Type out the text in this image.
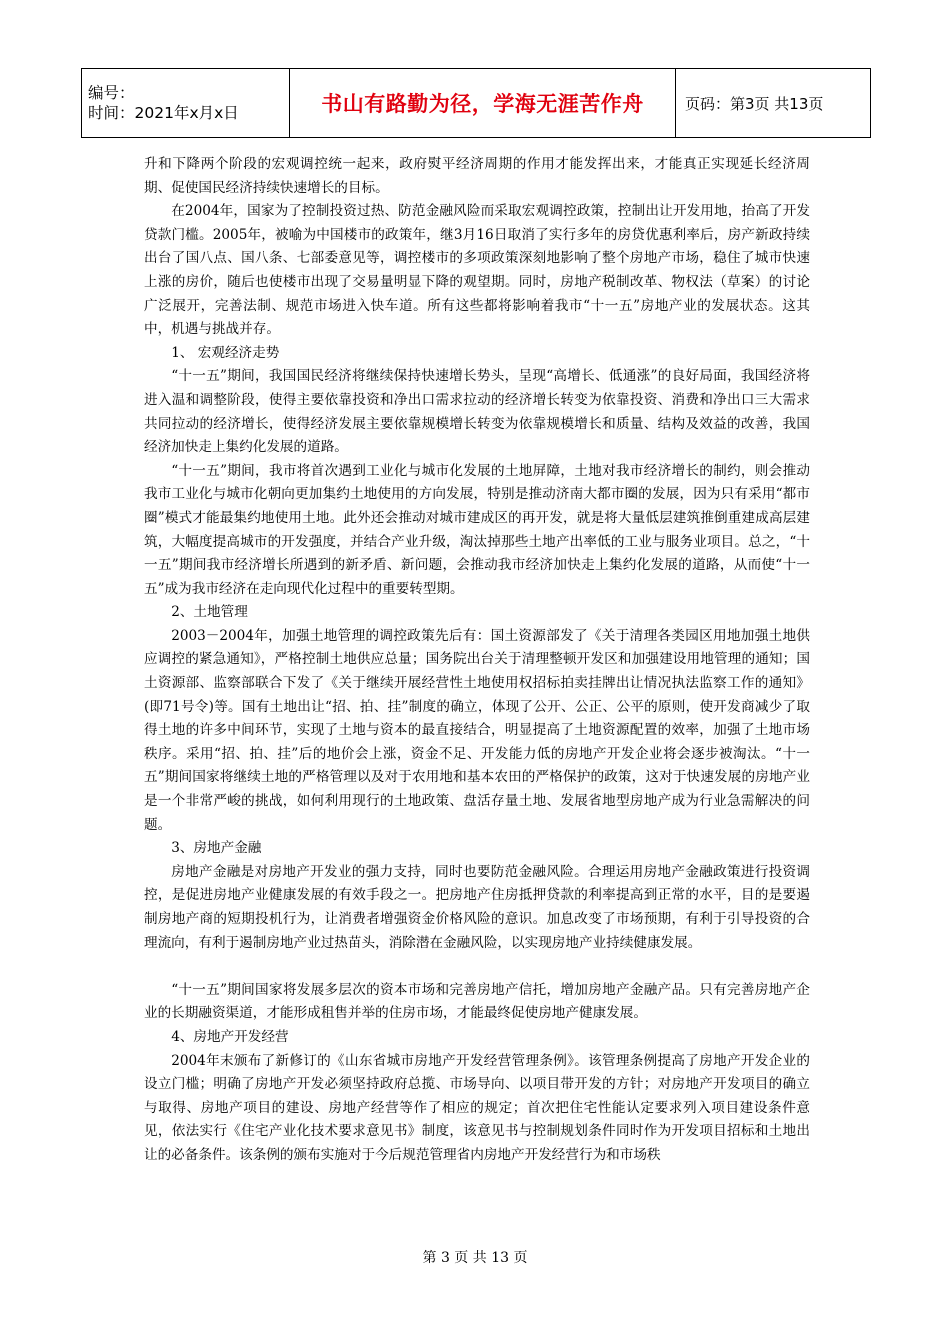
编号：
时间：2021年x月x日	书山有路勤为径，学海无涯苦作舟	页码：第3页 共13页

升和下降两个阶段的宏观调控统一起来，政府熨平经济周期的作用才能发挥出来，才能真正实现延长经济周期、促使国民经济持续快速增长的目标。

在2004年，国家为了控制投资过热、防范金融风险而采取宏观调控政策，控制出让开发用地，抬高了开发贷款门槛。2005年，被喻为中国楼市的政策年，继3月16日取消了实行多年的房贷优惠利率后，房产新政持续出台了国八点、国八条、七部委意见等，调控楼市的多项政策深刻地影响了整个房地产市场，稳住了城市快速上涨的房价，随后也使楼市出现了交易量明显下降的观望期。同时，房地产税制改革、物权法（草案）的讨论广泛展开，完善法制、规范市场进入快车道。所有这些都将影响着我市“十一五”房地产业的发展状态。这其中，机遇与挑战并存。

1、 宏观经济走势

“十一五”期间，我国国民经济将继续保持快速增长势头，呈现“高增长、低通涨”的良好局面，我国经济将进入温和调整阶段，使得主要依靠投资和净出口需求拉动的经济增长转变为依靠投资、消费和净出口三大需求共同拉动的经济增长，使得经济发展主要依靠规模增长转变为依靠规模增长和质量、结构及效益的改善，我国经济加快走上集约化发展的道路。

“十一五”期间，我市将首次遇到工业化与城市化发展的土地屏障，土地对我市经济增长的制约，则会推动我市工业化与城市化朝向更加集约土地使用的方向发展，特别是推动济南大都市圈的发展，因为只有采用“都市圈”模式才能最集约地使用土地。此外还会推动对城市建成区的再开发，就是将大量低层建筑推倒重建成高层建筑，大幅度提高城市的开发强度，并结合产业升级，淘汰掉那些土地产出率低的工业与服务业项目。总之，“十一五”期间我市经济增长所遇到的新矛盾、新问题，会推动我市经济加快走上集约化发展的道路，从而使“十一五”成为我市经济在走向现代化过程中的重要转型期。

2、土地管理

2003－2004年，加强土地管理的调控政策先后有：国土资源部发了《关于清理各类园区用地加强土地供应调控的紧急通知》，严格控制土地供应总量；国务院出台关于清理整顿开发区和加强建设用地管理的通知；国土资源部、监察部联合下发了《关于继续开展经营性土地使用权招标拍卖挂牌出让情况执法监察工作的通知》(即71号令)等。国有土地出让“招、拍、挂”制度的确立，体现了公开、公正、公平的原则，使开发商减少了取得土地的许多中间环节，实现了土地与资本的最直接结合，明显提高了土地资源配置的效率，加强了土地市场秩序。采用“招、拍、挂”后的地价会上涨，资金不足、开发能力低的房地产开发企业将会逐步被淘汰。“十一五”期间国家将继续土地的严格管理以及对于农用地和基本农田的严格保护的政策，这对于快速发展的房地产业是一个非常严峻的挑战，如何利用现行的土地政策、盘活存量土地、发展省地型房地产成为行业急需解决的问题。

3、房地产金融

房地产金融是对房地产开发业的强力支持，同时也要防范金融风险。合理运用房地产金融政策进行投资调控，是促进房地产业健康发展的有效手段之一。把房地产住房抵押贷款的利率提高到正常的水平，目的是要遏制房地产商的短期投机行为，让消费者增强资金价格风险的意识。加息改变了市场预期，有利于引导投资的合理流向，有利于遏制房地产业过热苗头，消除潜在金融风险，以实现房地产业持续健康发展。

“十一五”期间国家将发展多层次的资本市场和完善房地产信托，增加房地产金融产品。只有完善房地产企业的长期融资渠道，才能形成租售并举的住房市场，才能最终促使房地产健康发展。

4、房地产开发经营

2004年末颁布了新修订的《山东省城市房地产开发经营管理条例》。该管理条例提高了房地产开发企业的设立门槛；明确了房地产开发必须坚持政府总揽、市场导向、以项目带开发的方针；对房地产开发项目的确立与取得、房地产项目的建设、房地产经营等作了相应的规定；首次把住宅性能认定要求列入项目建设条件意见，依法实行《住宅产业化技术要求意见书》制度，该意见书与控制规划条件同时作为开发项目招标和土地出让的必备条件。该条例的颁布实施对于今后规范管理省内房地产开发经营行为和市场秩

第 3 页 共 13 页
